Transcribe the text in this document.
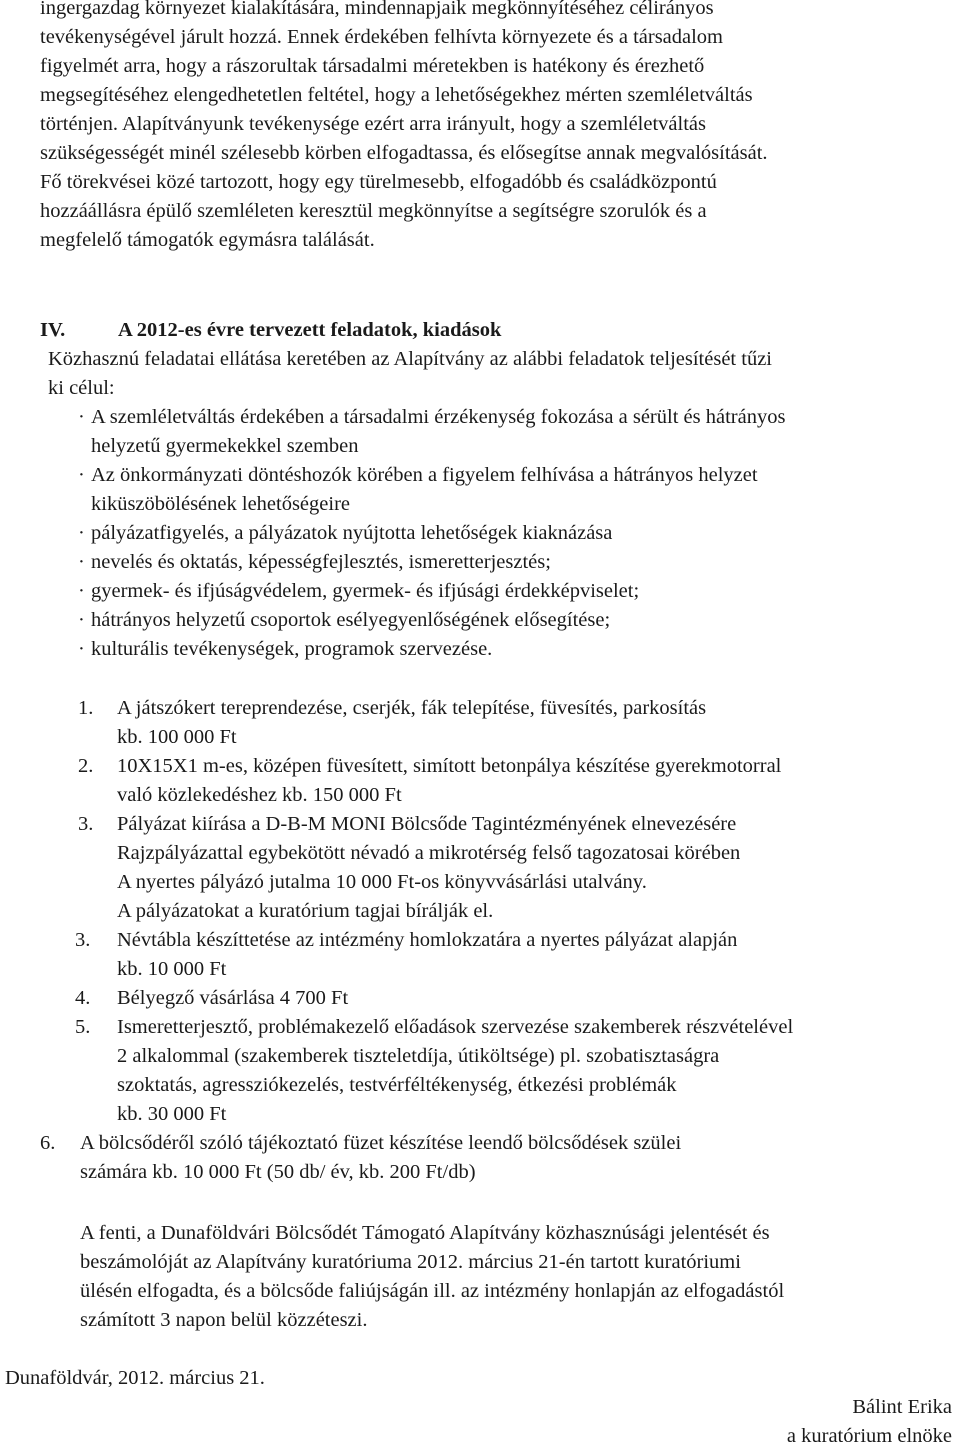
ingergazdag környezet kialakítására, mindennapjaik megkönnyítéséhez célirányos
tevékenységével járult hozzá. Ennek érdekében felhívta környezete és a társadalom
figyelmét arra, hogy a rászorultak társadalmi méretekben is hatékony és érezhető
megsegítéséhez elengedhetetlen feltétel, hogy a lehetőségekhez mérten szemléletváltás
történjen. Alapítványunk tevékenysége ezért arra irányult, hogy a szemléletváltás
szükségességét minél szélesebb körben elfogadtassa, és elősegítse annak megvalósítását.
Fő törekvései közé tartozott, hogy egy türelmesebb, elfogadóbb és családközpontú
hozzáállásra épülő szemléleten keresztül megkönnyítse a segítségre szorulók és a
megfelelő támogatók egymásra találását.
IV.	A 2012-es évre tervezett feladatok, kiadások
Közhasznú feladatai ellátása keretében az Alapítvány az alábbi feladatok teljesítését tűzi
ki célul:
· A szemléletváltás érdekében a társadalmi érzékenység fokozása a sérült és hátrányos
helyzetű gyermekekkel szemben
· Az önkormányzati döntéshozók körében a figyelem felhívása a hátrányos helyzet
kiküszöbölésének lehetőségeire
· pályázatfigyelés, a pályázatok nyújtotta lehetőségek kiaknázása
· nevelés és oktatás, képességfejlesztés, ismeretterjesztés;
· gyermek- és ifjúságvédelem, gyermek- és ifjúsági érdekképviselet;
· hátrányos helyzetű csoportok esélyegyenlőségének elősegítése;
· kulturális tevékenységek, programok szervezése.
1. A játszókert tereprendezése, cserjék, fák telepítése, füvesítés, parkosítás
kb. 100 000 Ft
2. 10X15X1 m-es, középen füvesített, simított betonpálya készítése gyerekmotorral
való közlekedéshez kb. 150 000 Ft
3. Pályázat kiírása a D-B-M MONI Bölcsőde Tagintézményének elnevezésére
Rajzpályázattal egybekötött névadó a mikrotérség felső tagozatosai körében
A nyertes pályázó jutalma 10 000 Ft-os könyvvásárlási utalvány.
A pályázatokat a kuratórium tagjai bírálják el.
3. Névtábla készíttetése az intézmény homlokzatára a nyertes pályázat alapján
kb. 10 000 Ft
4. Bélyegző vásárlása 4 700 Ft
5. Ismeretterjesztő, problémakezelő előadások szervezése szakemberek részvételével
2 alkalommal (szakemberek tiszteletdíja, útiköltsége) pl. szobatisztaságra
szoktatás, agressziókezelés, testvérféltékenység, étkezési problémák
kb. 30 000 Ft
6. A bölcsődéről szóló tájékoztató füzet készítése leendő bölcsődések szülei
számára kb. 10 000 Ft (50 db/ év, kb. 200 Ft/db)
A fenti, a Dunaföldvári Bölcsődét Támogató Alapítvány közhasznúsági jelentését és
beszámolóját az Alapítvány kuratóriuma 2012. március 21-én tartott kuratóriumi
ülésén elfogadta, és a bölcsőde faliújságán ill. az intézmény honlapján az elfogadástól
számított 3 napon belül közzéteszi.
Dunaföldvár, 2012. március 21.
Bálint Erika
a kuratórium elnöke
